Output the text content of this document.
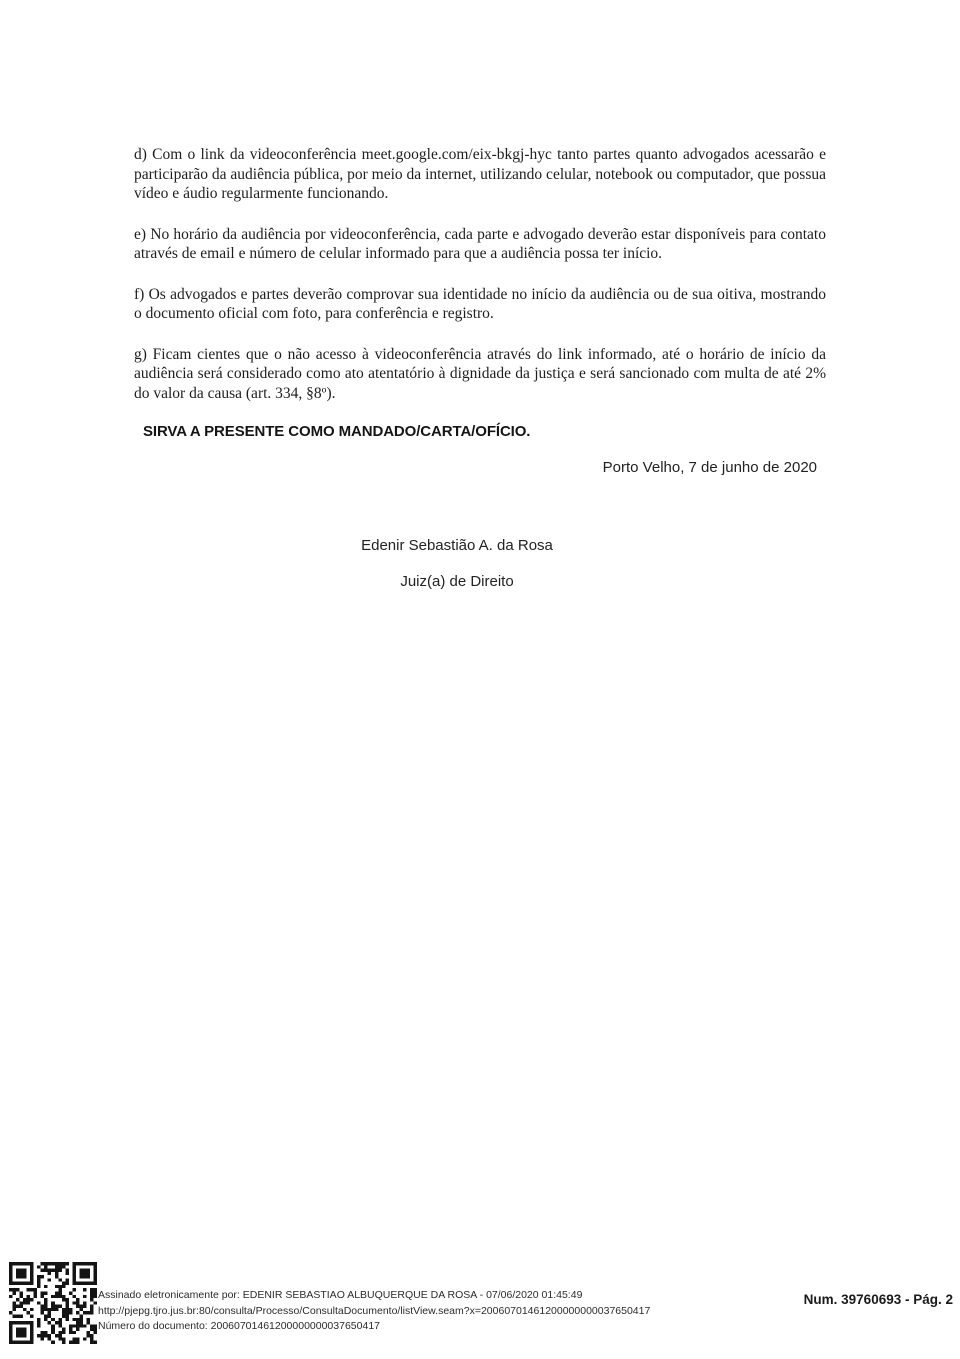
d) Com o link da videoconferência meet.google.com/eix-bkgj-hyc tanto partes quanto advogados acessarão e participarão da audiência pública, por meio da internet, utilizando celular, notebook ou computador, que possua vídeo e áudio regularmente funcionando.

e) No horário da audiência por videoconferência, cada parte e advogado deverão estar disponíveis para contato através de email e número de celular informado para que a audiência possa ter início.

f) Os advogados e partes deverão comprovar sua identidade no início da audiência ou de sua oitiva, mostrando o documento oficial com foto, para conferência e registro.

g) Ficam cientes que o não acesso à videoconferência através do link informado, até o horário de início da audiência será considerado como ato atentatório à dignidade da justiça e será sancionado com multa de até 2% do valor da causa (art. 334, §8º).

SIRVA A PRESENTE COMO MANDADO/CARTA/OFÍCIO.
Porto Velho, 7 de junho de 2020
Edenir Sebastião A. da Rosa
Juiz(a) de Direito
Assinado eletronicamente por: EDENIR SEBASTIAO ALBUQUERQUE DA ROSA - 07/06/2020 01:45:49
http://pjepg.tjro.jus.br:80/consulta/Processo/ConsultaDocumento/listView.seam?x=20060701461200000000037650417
Número do documento: 20060701461200000000037650417
Num. 39760693 - Pág. 2
